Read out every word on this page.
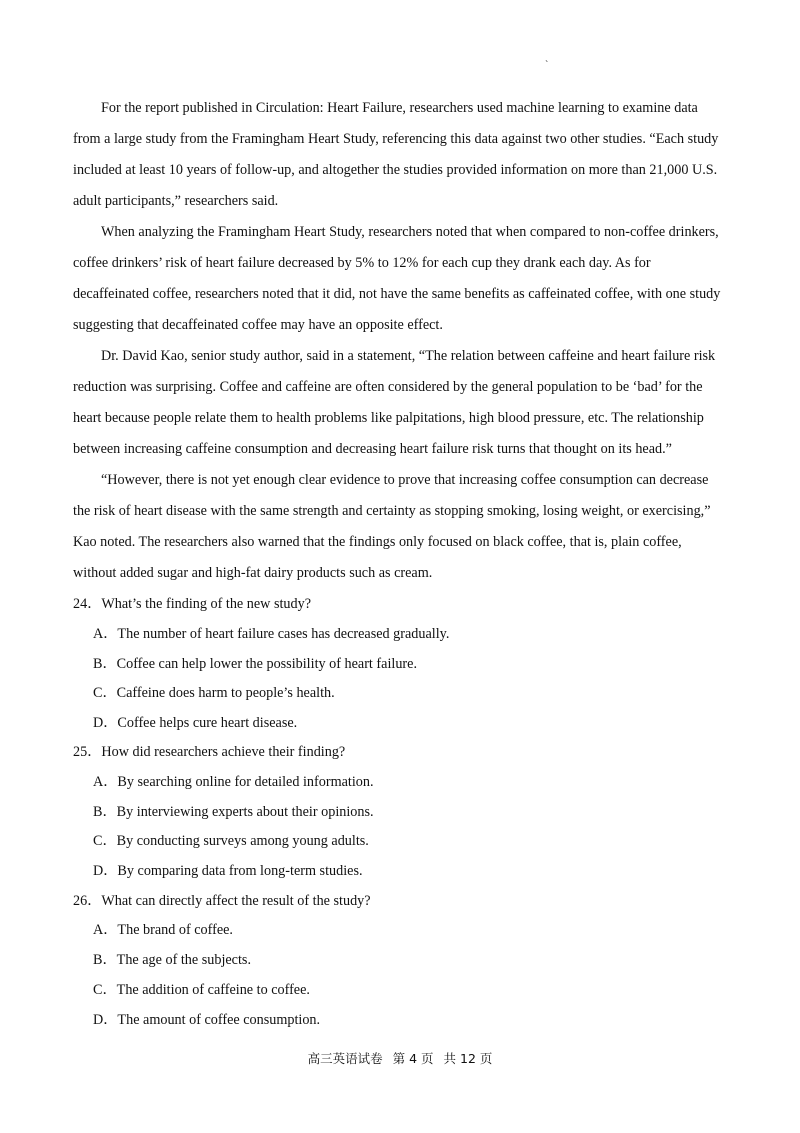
`

For the report published in Circulation: Heart Failure, researchers used machine learning to examine data from a large study from the Framingham Heart Study, referencing this data against two other studies. “Each study included at least 10 years of follow-up, and altogether the studies provided information on more than 21,000 U.S. adult participants,” researchers said.

When analyzing the Framingham Heart Study, researchers noted that when compared to non-coffee drinkers, coffee drinkers’ risk of heart failure decreased by 5% to 12% for each cup they drank each day. As for decaffeinated coffee, researchers noted that it did, not have the same benefits as caffeinated coffee, with one study suggesting that decaffeinated coffee may have an opposite effect.

Dr. David Kao, senior study author, said in a statement, “The relation between caffeine and heart failure risk reduction was surprising. Coffee and caffeine are often considered by the general population to be ‘bad’ for the heart because people relate them to health problems like palpitations, high blood pressure, etc. The relationship between increasing caffeine consumption and decreasing heart failure risk turns that thought on its head.”

“However, there is not yet enough clear evidence to prove that increasing coffee consumption can decrease the risk of heart disease with the same strength and certainty as stopping smoking, losing weight, or exercising,” Kao noted. The researchers also warned that the findings only focused on black coffee, that is, plain coffee, without added sugar and high-fat dairy products such as cream.

24．What’s the finding of the new study?
A．The number of heart failure cases has decreased gradually.
B．Coffee can help lower the possibility of heart failure.
C．Caffeine does harm to people’s health.
D．Coffee helps cure heart disease.
25．How did researchers achieve their finding?
A．By searching online for detailed information.
B．By interviewing experts about their opinions.
C．By conducting surveys among young adults.
D．By comparing data from long-term studies.
26．What can directly affect the result of the study?
A．The brand of coffee.
B．The age of the subjects.
C．The addition of caffeine to coffee.
D．The amount of coffee consumption.
高三英语试卷 第 4 页 共 12 页
